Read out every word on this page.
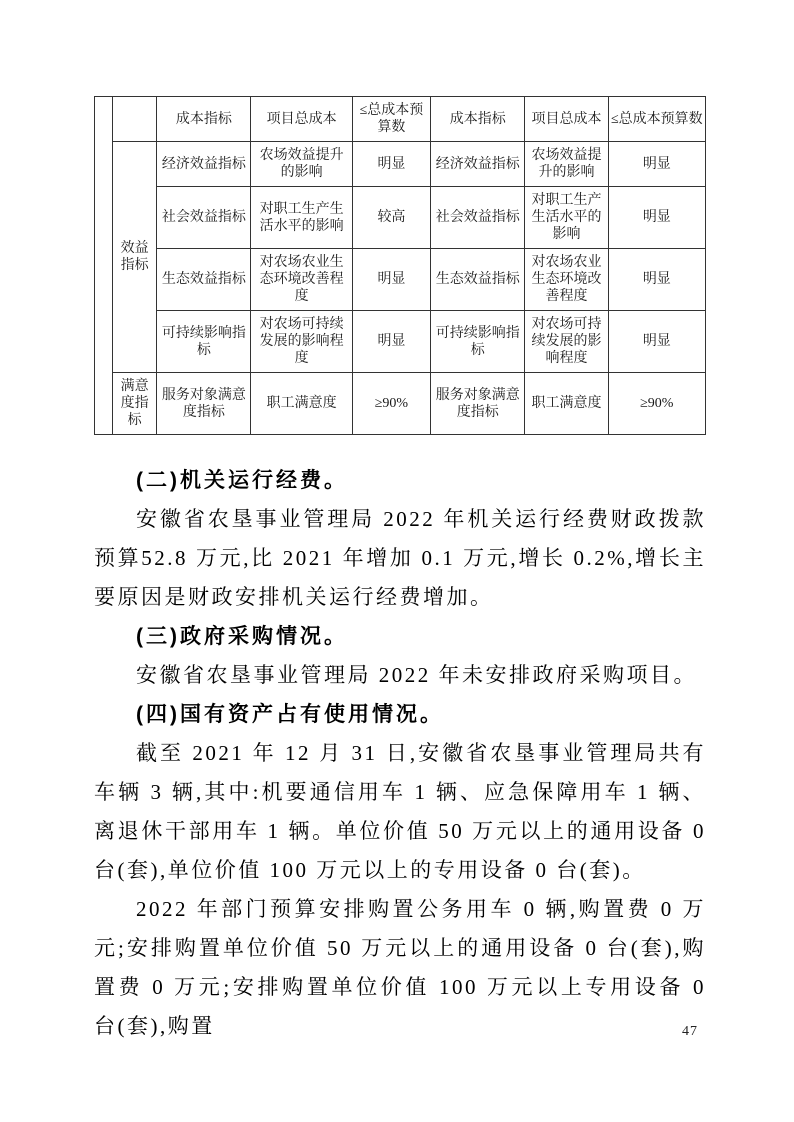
		成本指标	项目总成本	≤总成本预算数	成本指标	项目总成本	≤总成本预算数
	效益指标	经济效益指标	农场效益提升的影响	明显	经济效益指标	农场效益提升的影响	明显
		社会效益指标	对职工生产生活水平的影响	较高	社会效益指标	对职工生产生活水平的影响	明显
		生态效益指标	对农场农业生态环境改善程度	明显	生态效益指标	对农场农业生态环境改善程度	明显
		可持续影响指标	对农场可持续发展的影响程度	明显	可持续影响指标	对农场可持续发展的影响程度	明显
	满意度指标	服务对象满意度指标	职工满意度	≥90%	服务对象满意度指标	职工满意度	≥90%
(二)机关运行经费。

安徽省农垦事业管理局 2022 年机关运行经费财政拨款预算52.8 万元,比 2021 年增加 0.1 万元,增长 0.2%,增长主要原因是财政安排机关运行经费增加。

(三)政府采购情况。

安徽省农垦事业管理局 2022 年未安排政府采购项目。

(四)国有资产占有使用情况。

截至 2021 年 12 月 31 日,安徽省农垦事业管理局共有车辆 3 辆,其中:机要通信用车 1 辆、应急保障用车 1 辆、离退休干部用车 1 辆。单位价值 50 万元以上的通用设备 0 台(套),单位价值 100 万元以上的专用设备 0 台(套)。

2022 年部门预算安排购置公务用车 0 辆,购置费 0 万元;安排购置单位价值 50 万元以上的通用设备 0 台(套),购置费 0 万元;安排购置单位价值 100 万元以上专用设备 0 台(套),购置	47
